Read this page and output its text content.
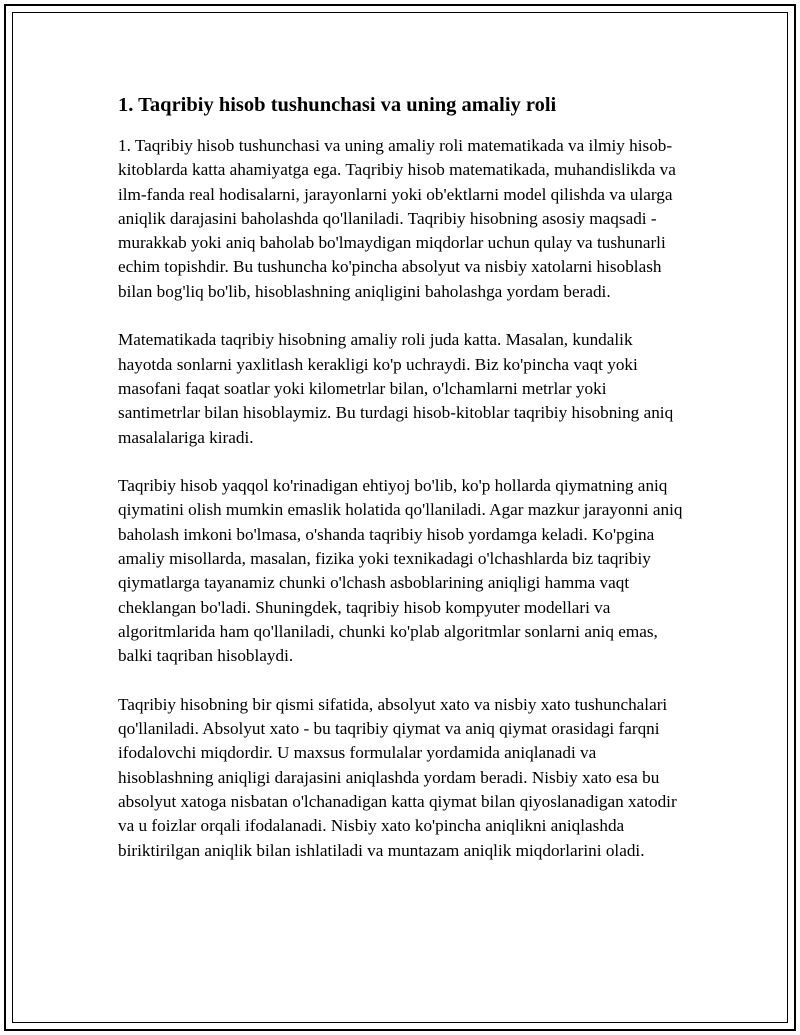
1. Taqribiy hisob tushunchasi va uning amaliy roli

1. Taqribiy hisob tushunchasi va uning amaliy roli matematikada va ilmiy hisob-kitoblarda katta ahamiyatga ega. Taqribiy hisob matematikada, muhandislikda va ilm-fanda real hodisalarni, jarayonlarni yoki ob'ektlarni model qilishda va ularga aniqlik darajasini baholashda qo'llaniladi. Taqribiy hisobning asosiy maqsadi - murakkab yoki aniq baholab bo'lmaydigan miqdorlar uchun qulay va tushunarli echim topishdir. Bu tushuncha ko'pincha absolyut va nisbiy xatolarni hisoblash bilan bog'liq bo'lib, hisoblashning aniqligini baholashga yordam beradi.

Matematikada taqribiy hisobning amaliy roli juda katta. Masalan, kundalik hayotda sonlarni yaxlitlash kerakligi ko'p uchraydi. Biz ko'pincha vaqt yoki masofani faqat soatlar yoki kilometrlar bilan, o'lchamlarni metrlar yoki santimetrlar bilan hisoblaymiz. Bu turdagi hisob-kitoblar taqribiy hisobning aniq masalalariga kiradi.

Taqribiy hisob yaqqol ko'rinadigan ehtiyoj bo'lib, ko'p hollarda qiymatning aniq qiymatini olish mumkin emaslik holatida qo'llaniladi. Agar mazkur jarayonni aniq baholash imkoni bo'lmasa, o'shanda taqribiy hisob yordamga keladi. Ko'pgina amaliy misollarda, masalan, fizika yoki texnikadagi o'lchashlarda biz taqribiy qiymatlarga tayanamiz chunki o'lchash asboblarining aniqligi hamma vaqt cheklangan bo'ladi. Shuningdek, taqribiy hisob kompyuter modellari va algoritmlarida ham qo'llaniladi, chunki ko'plab algoritmlar sonlarni aniq emas, balki taqriban hisoblaydi.

Taqribiy hisobning bir qismi sifatida, absolyut xato va nisbiy xato tushunchalari qo'llaniladi. Absolyut xato - bu taqribiy qiymat va aniq qiymat orasidagi farqni ifodalovchi miqdordir. U maxsus formulalar yordamida aniqlanadi va hisoblashning aniqligi darajasini aniqlashda yordam beradi. Nisbiy xato esa bu absolyut xatoga nisbatan o'lchanadigan katta qiymat bilan qiyoslanadigan xatodir va u foizlar orqali ifodalanadi. Nisbiy xato ko'pincha aniqlikni aniqlashda biriktirilgan aniqlik bilan ishlatiladi va muntazam aniqlik miqdorlarini oladi.
